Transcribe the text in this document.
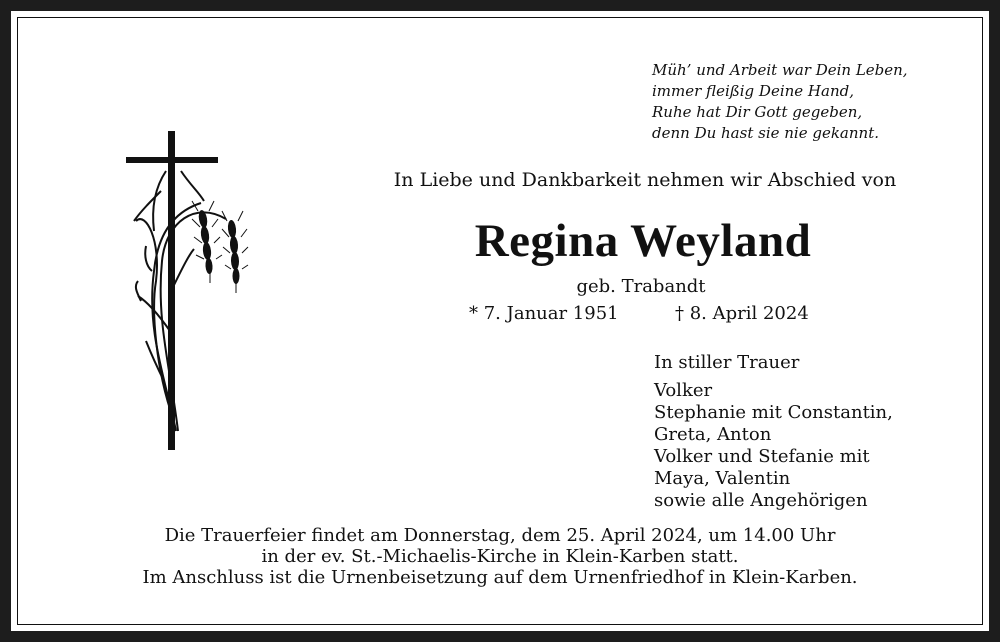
Müh’ und Arbeit war Dein Leben,
immer fleißig Deine Hand,
Ruhe hat Dir Gott gegeben,
denn Du hast sie nie gekannt.
In Liebe und Dankbarkeit nehmen wir Abschied von
Regina Weyland
geb. Trabandt
* 7. Januar 1951	† 8. April 2024
In stiller Trauer
Volker
Stephanie mit Constantin,
Greta, Anton
Volker und Stefanie mit
Maya, Valentin
sowie alle Angehörigen
Die Trauerfeier findet am Donnerstag, dem 25. April 2024, um 14.00 Uhr
in der ev. St.-Michaelis-Kirche in Klein-Karben statt.
Im Anschluss ist die Urnenbeisetzung auf dem Urnenfriedhof in Klein-Karben.
